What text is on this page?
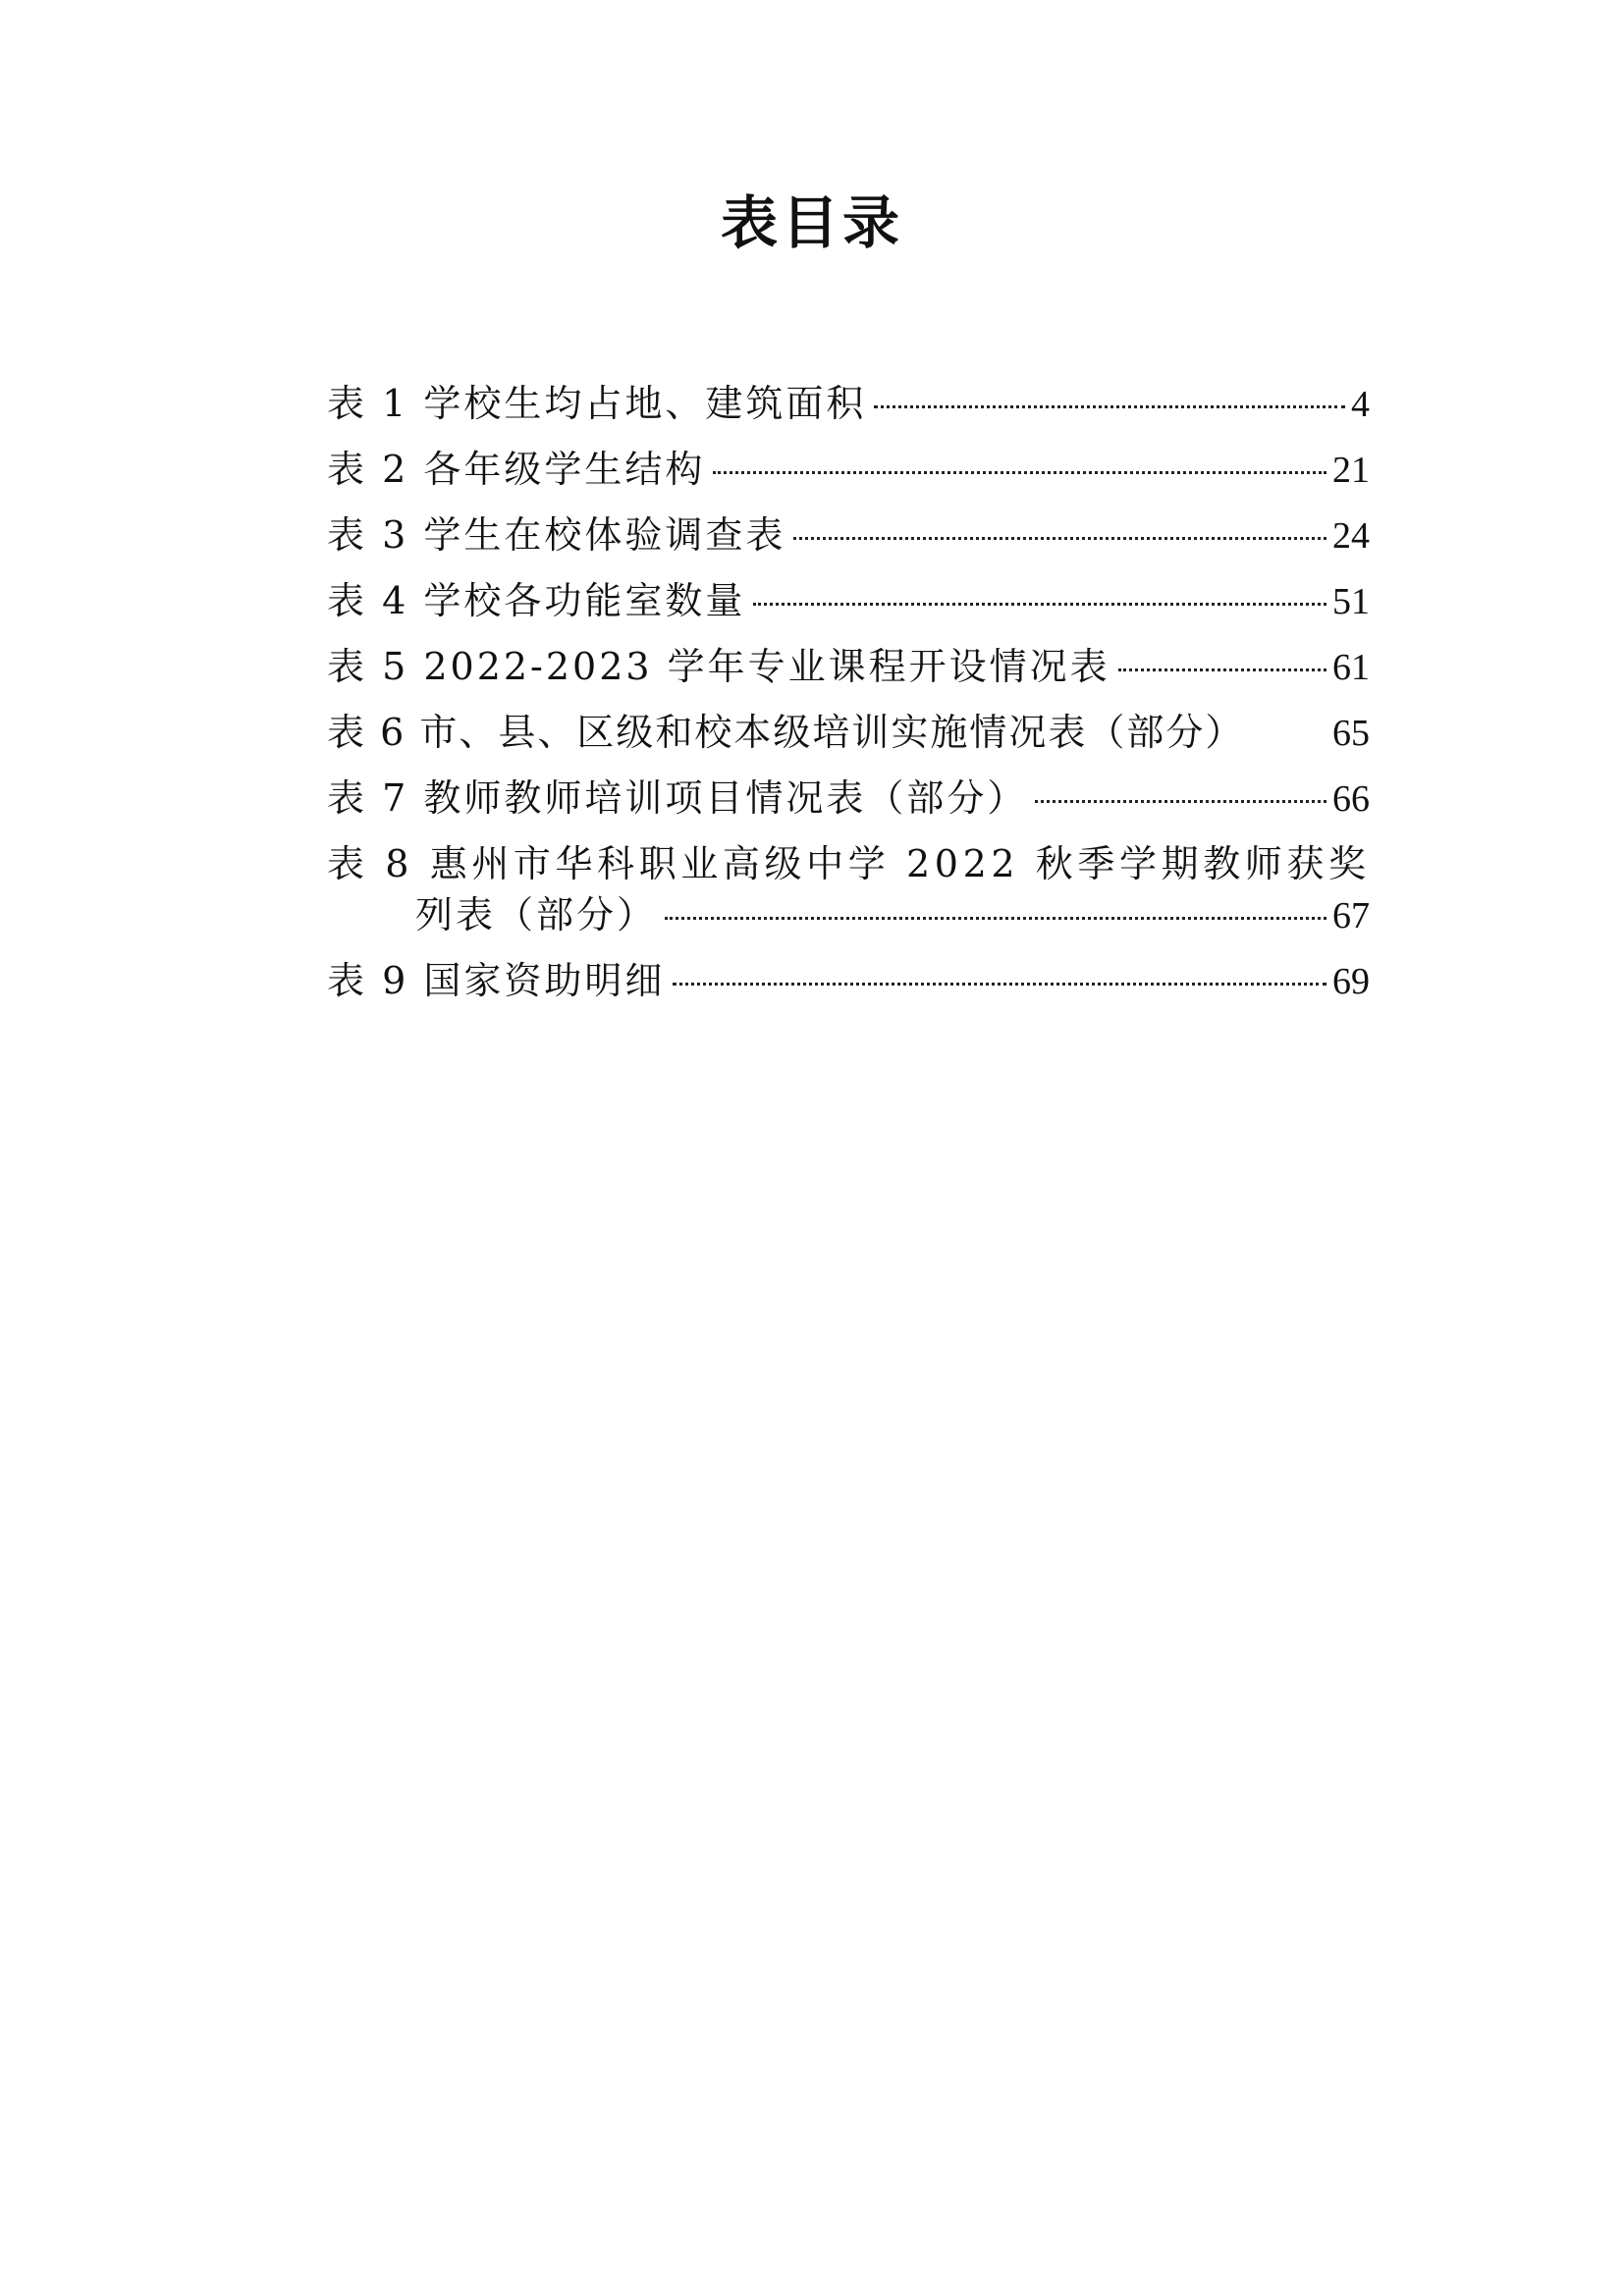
表目录
表 1 学校生均占地、建筑面积	4
表 2 各年级学生结构	21
表 3 学生在校体验调查表	24
表 4 学校各功能室数量	51
表 5 2022-2023 学年专业课程开设情况表	61
表 6 市、县、区级和校本级培训实施情况表（部分） 65
表 7 教师教师培训项目情况表（部分）	66
表 8 惠州市华科职业高级中学 2022 秋季学期教师获奖
列表（部分）	67
表 9 国家资助明细	69
